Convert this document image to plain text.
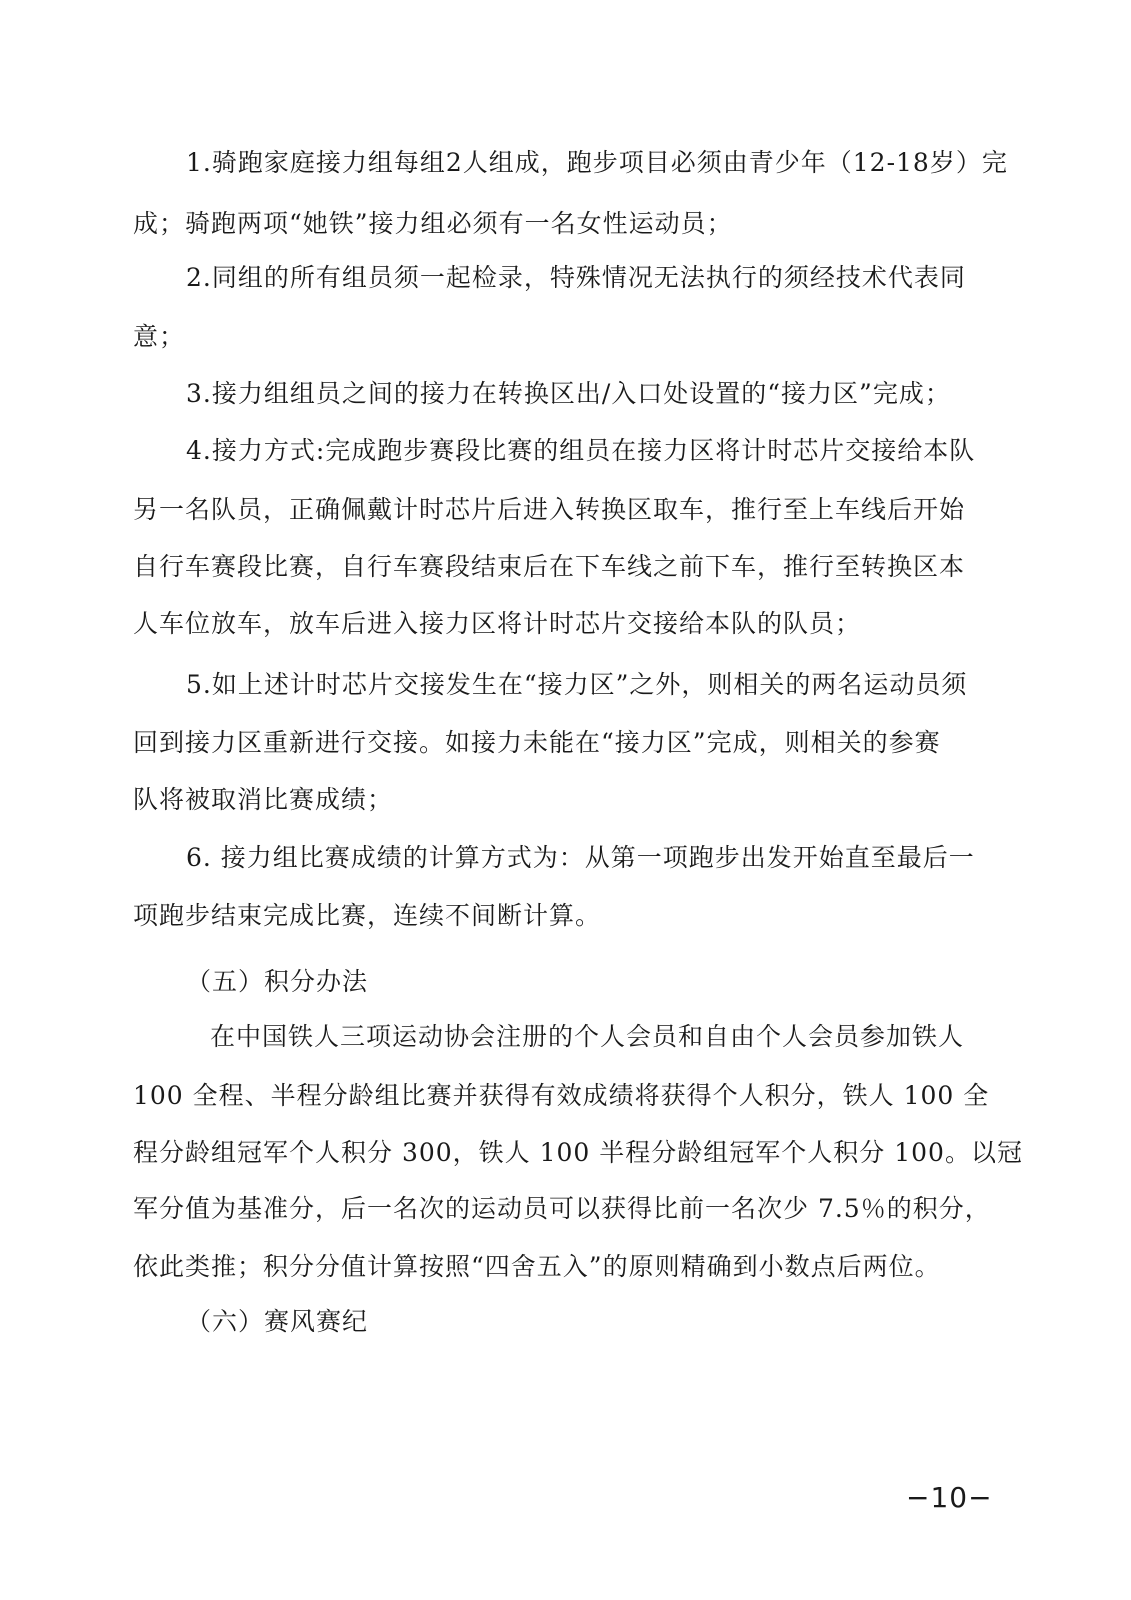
1.骑跑家庭接力组每组2人组成，跑步项目必须由青少年（12-18岁）完
成；骑跑两项“她铁”接力组必须有一名女性运动员；
2.同组的所有组员须一起检录，特殊情况无法执行的须经技术代表同
意；
3.接力组组员之间的接力在转换区出/入口处设置的“接力区”完成；
4.接力方式:完成跑步赛段比赛的组员在接力区将计时芯片交接给本队
另一名队员，正确佩戴计时芯片后进入转换区取车，推行至上车线后开始
自行车赛段比赛，自行车赛段结束后在下车线之前下车，推行至转换区本
人车位放车，放车后进入接力区将计时芯片交接给本队的队员；
5.如上述计时芯片交接发生在“接力区”之外，则相关的两名运动员须
回到接力区重新进行交接。如接力未能在“接力区”完成，则相关的参赛
队将被取消比赛成绩；
6. 接力组比赛成绩的计算方式为：从第一项跑步出发开始直至最后一
项跑步结束完成比赛，连续不间断计算。
（五）积分办法
在中国铁人三项运动协会注册的个人会员和自由个人会员参加铁人
100 全程、半程分龄组比赛并获得有效成绩将获得个人积分，铁人 100 全
程分龄组冠军个人积分 300，铁人 100 半程分龄组冠军个人积分 100。以冠
军分值为基准分，后一名次的运动员可以获得比前一名次少 7.5％的积分，
依此类推；积分分值计算按照“四舍五入”的原则精确到小数点后两位。
（六）赛风赛纪
−10−
